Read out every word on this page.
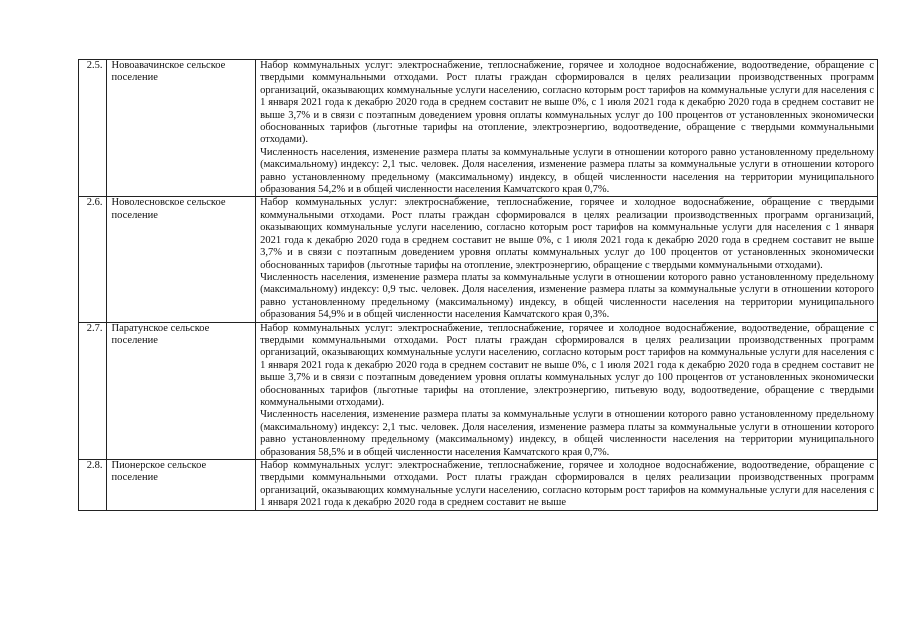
2.5.	Новоавачинское сельское поселение	Набор коммунальных услуг: электроснабжение, теплоснабжение, горячее и холодное водоснабжение, водоотведение, обращение с твердыми коммунальными отходами. Рост платы граждан сформировался в целях реализации производственных программ организаций, оказывающих коммунальные услуги населению, согласно которым рост тарифов на коммунальные услуги для населения с 1 января 2021 года к декабрю 2020 года в среднем составит не выше 0%, с 1 июля 2021 года к декабрю 2020 года в среднем составит не выше 3,7% и в связи с поэтапным доведением уровня оплаты коммунальных услуг до 100 процентов от установленных экономически обоснованных тарифов (льготные тарифы на отопление, электроэнергию, водоотведение, обращение с твердыми коммунальными отходами).

Численность населения, изменение размера платы за коммунальные услуги в отношении которого равно установленному предельному (максимальному) индексу: 2,1 тыс. человек. Доля населения, изменение размера платы за коммунальные услуги в отношении которого равно установленному предельному (максимальному) индексу, в общей численности населения на территории муниципального образования 54,2% и в общей численности населения Камчатского края 0,7%.

2.6.	Новолесновское сельское поселение	Набор коммунальных услуг: электроснабжение, теплоснабжение, горячее и холодное водоснабжение, обращение с твердыми коммунальными отходами. Рост платы граждан сформировался в целях реализации производственных программ организаций, оказывающих коммунальные услуги населению, согласно которым рост тарифов на коммунальные услуги для населения с 1 января 2021 года к декабрю 2020 года в среднем составит не выше 0%, с 1 июля 2021 года к декабрю 2020 года в среднем составит не выше 3,7% и в связи с поэтапным доведением уровня оплаты коммунальных услуг до 100 процентов от установленных экономически обоснованных тарифов (льготные тарифы на отопление, электроэнергию, обращение с твердыми коммунальными отходами).

Численность населения, изменение размера платы за коммунальные услуги в отношении которого равно установленному предельному (максимальному) индексу: 0,9 тыс. человек. Доля населения, изменение размера платы за коммунальные услуги в отношении которого равно установленному предельному (максимальному) индексу, в общей численности населения на территории муниципального образования 54,9% и в общей численности населения Камчатского края 0,3%.

2.7.	Паратунское сельское поселение	Набор коммунальных услуг: электроснабжение, теплоснабжение, горячее и холодное водоснабжение, водоотведение, обращение с твердыми коммунальными отходами. Рост платы граждан сформировался в целях реализации производственных программ организаций, оказывающих коммунальные услуги населению, согласно которым рост тарифов на коммунальные услуги для населения с 1 января 2021 года к декабрю 2020 года в среднем составит не выше 0%, с 1 июля 2021 года к декабрю 2020 года в среднем составит не выше 3,7% и в связи с поэтапным доведением уровня оплаты коммунальных услуг до 100 процентов от установленных экономически обоснованных тарифов (льготные тарифы на отопление, электроэнергию, питьевую воду, водоотведение, обращение с твердыми коммунальными отходами).

Численность населения, изменение размера платы за коммунальные услуги в отношении которого равно установленному предельному (максимальному) индексу: 2,1 тыс. человек. Доля населения, изменение размера платы за коммунальные услуги в отношении которого равно установленному предельному (максимальному) индексу, в общей численности населения на территории муниципального образования 58,5% и в общей численности населения Камчатского края 0,7%.

2.8.	Пионерское сельское поселение	Набор коммунальных услуг: электроснабжение, теплоснабжение, горячее и холодное водоснабжение, водоотведение, обращение с твердыми коммунальными отходами. Рост платы граждан сформировался в целях реализации производственных программ организаций, оказывающих коммунальные услуги населению, согласно которым рост тарифов на коммунальные услуги для населения с 1 января 2021 года к декабрю 2020 года в среднем составит не выше
